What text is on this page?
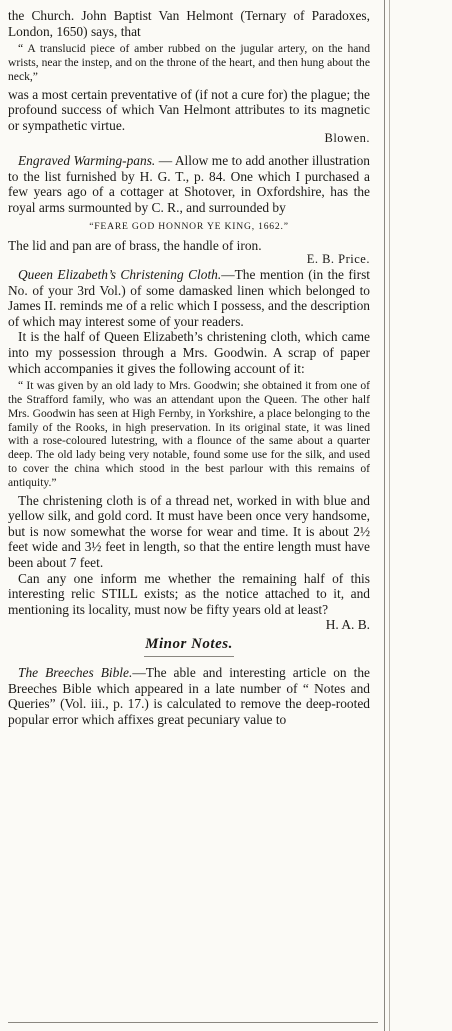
the Church. John Baptist Van Helmont (Ternary of Paradoxes, London, 1650) says, that

“ A translucid piece of amber rubbed on the jugular artery, on the hand wrists, near the instep, and on the throne of the heart, and then hung about the neck,”

was a most certain preventative of (if not a cure for) the plague; the profound success of which Van Helmont attributes to its magnetic or sympathetic virtue.

Blowen.

Engraved Warming-pans. — Allow me to add another illustration to the list furnished by H. G. T., p. 84. One which I purchased a few years ago of a cottager at Shotover, in Oxfordshire, has the royal arms surmounted by C. R., and surrounded by

“FEARE GOD HONNOR YE KING, 1662.”

The lid and pan are of brass, the handle of iron.

E. B. Price.

Queen Elizabeth’s Christening Cloth.—The mention (in the first No. of your 3rd Vol.) of some damasked linen which belonged to James II. reminds me of a relic which I possess, and the description of which may interest some of your readers.

It is the half of Queen Elizabeth’s christening cloth, which came into my possession through a Mrs. Goodwin. A scrap of paper which accompanies it gives the following account of it:

“ It was given by an old lady to Mrs. Goodwin; she obtained it from one of the Strafford family, who was an attendant upon the Queen. The other half Mrs. Goodwin has seen at High Fernby, in Yorkshire, a place belonging to the family of the Rooks, in high preservation. In its original state, it was lined with a rose-coloured lutestring, with a flounce of the same about a quarter deep. The old lady being very notable, found some use for the silk, and used to cover the china which stood in the best parlour with this remains of antiquity.”

The christening cloth is of a thread net, worked in with blue and yellow silk, and gold cord. It must have been once very handsome, but is now somewhat the worse for wear and time. It is about 2½ feet wide and 3½ feet in length, so that the entire length must have been about 7 feet.

Can any one inform me whether the remaining half of this interesting relic STILL exists; as the notice attached to it, and mentioning its locality, must now be fifty years old at least?
H. A. B.

Minor Notes.

The Breeches Bible.—The able and interesting article on the Breeches Bible which appeared in a late number of “ Notes and Queries” (Vol. iii., p. 17.) is calculated to remove the deep-rooted popular error which affixes great pecuniary value to
